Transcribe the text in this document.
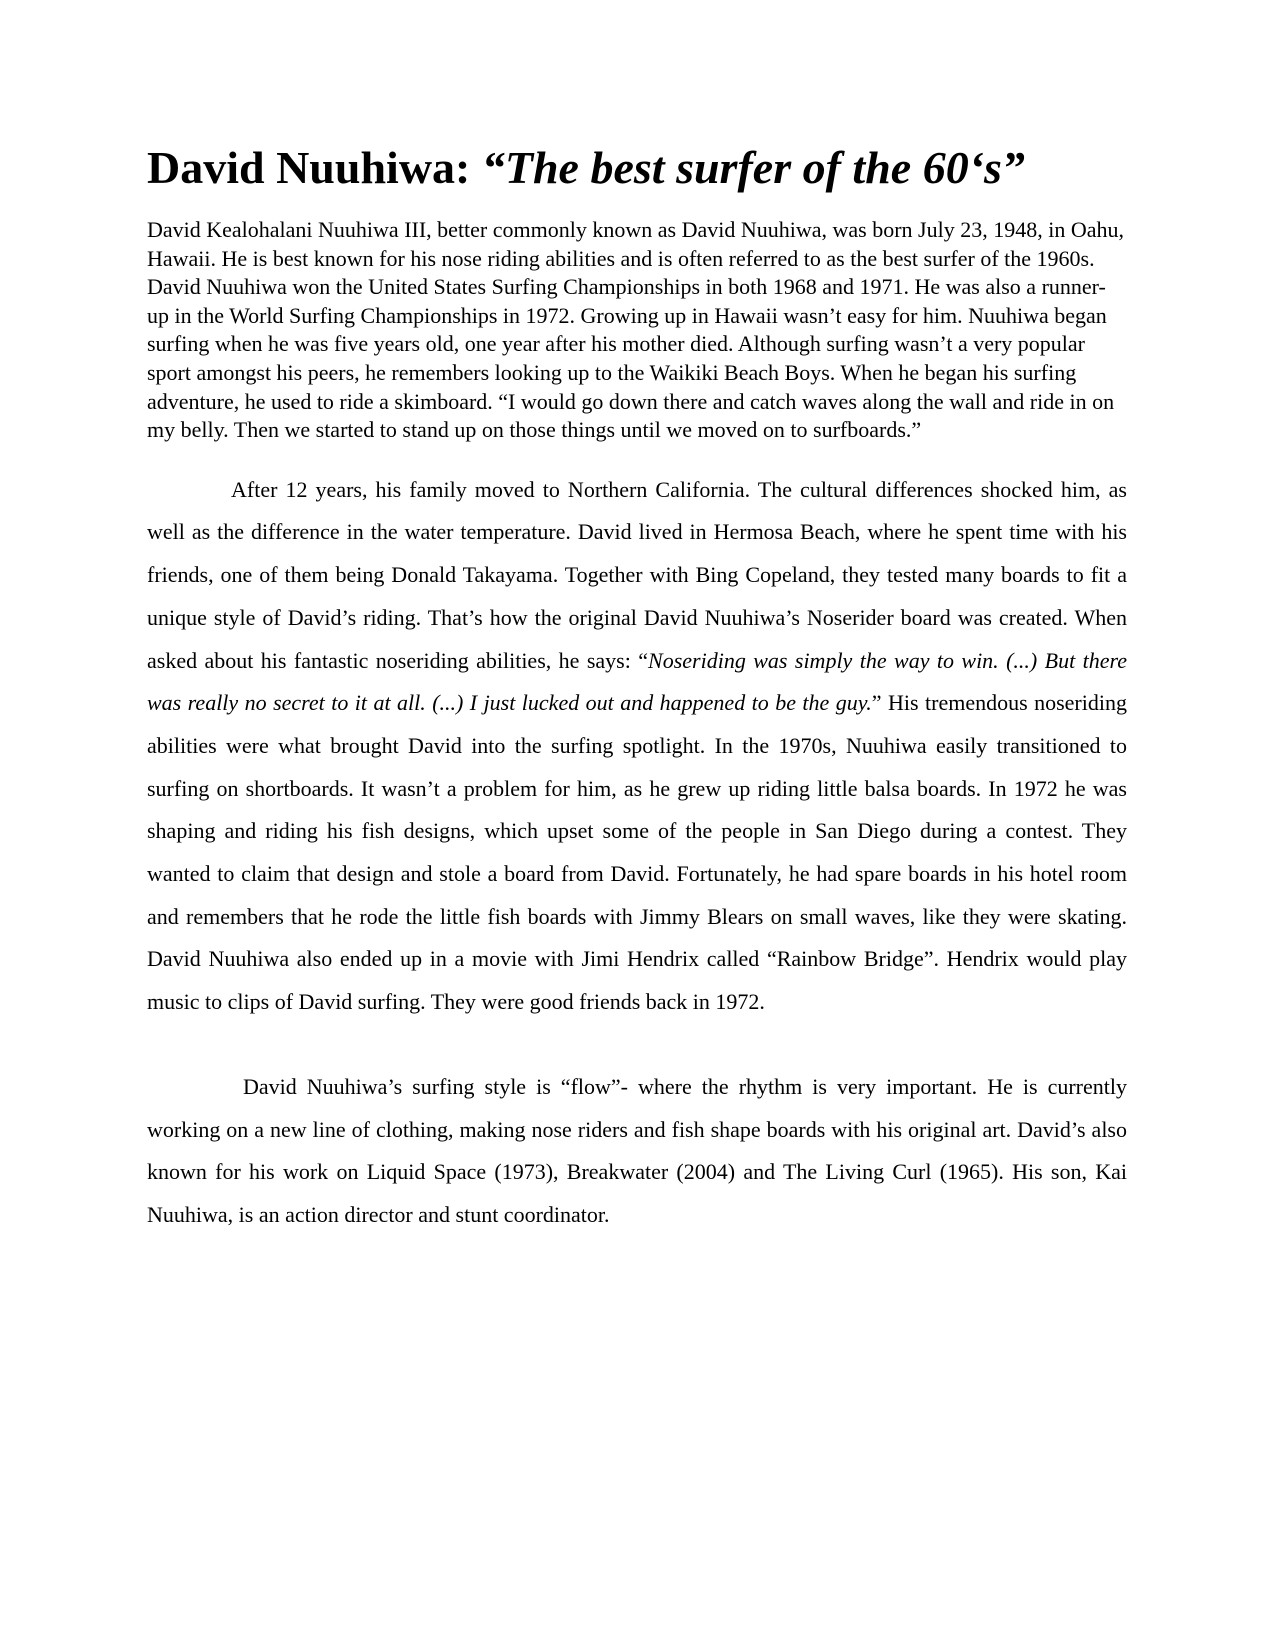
David Nuuhiwa: “The best surfer of the 60‘s”

David Kealohalani Nuuhiwa III, better commonly known as David Nuuhiwa, was born July 23, 1948, in Oahu, Hawaii. He is best known for his nose riding abilities and is often referred to as the best surfer of the 1960s. David Nuuhiwa won the United States Surfing Championships in both 1968 and 1971. He was also a runner-up in the World Surfing Championships in 1972. Growing up in Hawaii wasn’t easy for him. Nuuhiwa began surfing when he was five years old, one year after his mother died. Although surfing wasn’t a very popular sport amongst his peers, he remembers looking up to the Waikiki Beach Boys. When he began his surfing adventure, he used to ride a skimboard. “I would go down there and catch waves along the wall and ride in on my belly. Then we started to stand up on those things until we moved on to surfboards.”

After 12 years, his family moved to Northern California. The cultural differences shocked him, as well as the difference in the water temperature. David lived in Hermosa Beach, where he spent time with his friends, one of them being Donald Takayama. Together with Bing Copeland, they tested many boards to fit a unique style of David’s riding. That’s how the original David Nuuhiwa’s Noserider board was created. When asked about his fantastic noseriding abilities, he says: “Noseriding was simply the way to win. (...) But there was really no secret to it at all. (...) I just lucked out and happened to be the guy.” His tremendous noseriding abilities were what brought David into the surfing spotlight. In the 1970s, Nuuhiwa easily transitioned to surfing on shortboards. It wasn’t a problem for him, as he grew up riding little balsa boards. In 1972 he was shaping and riding his fish designs, which upset some of the people in San Diego during a contest. They wanted to claim that design and stole a board from David. Fortunately, he had spare boards in his hotel room and remembers that he rode the little fish boards with Jimmy Blears on small waves, like they were skating. David Nuuhiwa also ended up in a movie with Jimi Hendrix called “Rainbow Bridge”. Hendrix would play music to clips of David surfing. They were good friends back in 1972.

David Nuuhiwa’s surfing style is “flow”- where the rhythm is very important. He is currently working on a new line of clothing, making nose riders and fish shape boards with his original art. David’s also known for his work on Liquid Space (1973), Breakwater (2004) and The Living Curl (1965). His son, Kai Nuuhiwa, is an action director and stunt coordinator.
